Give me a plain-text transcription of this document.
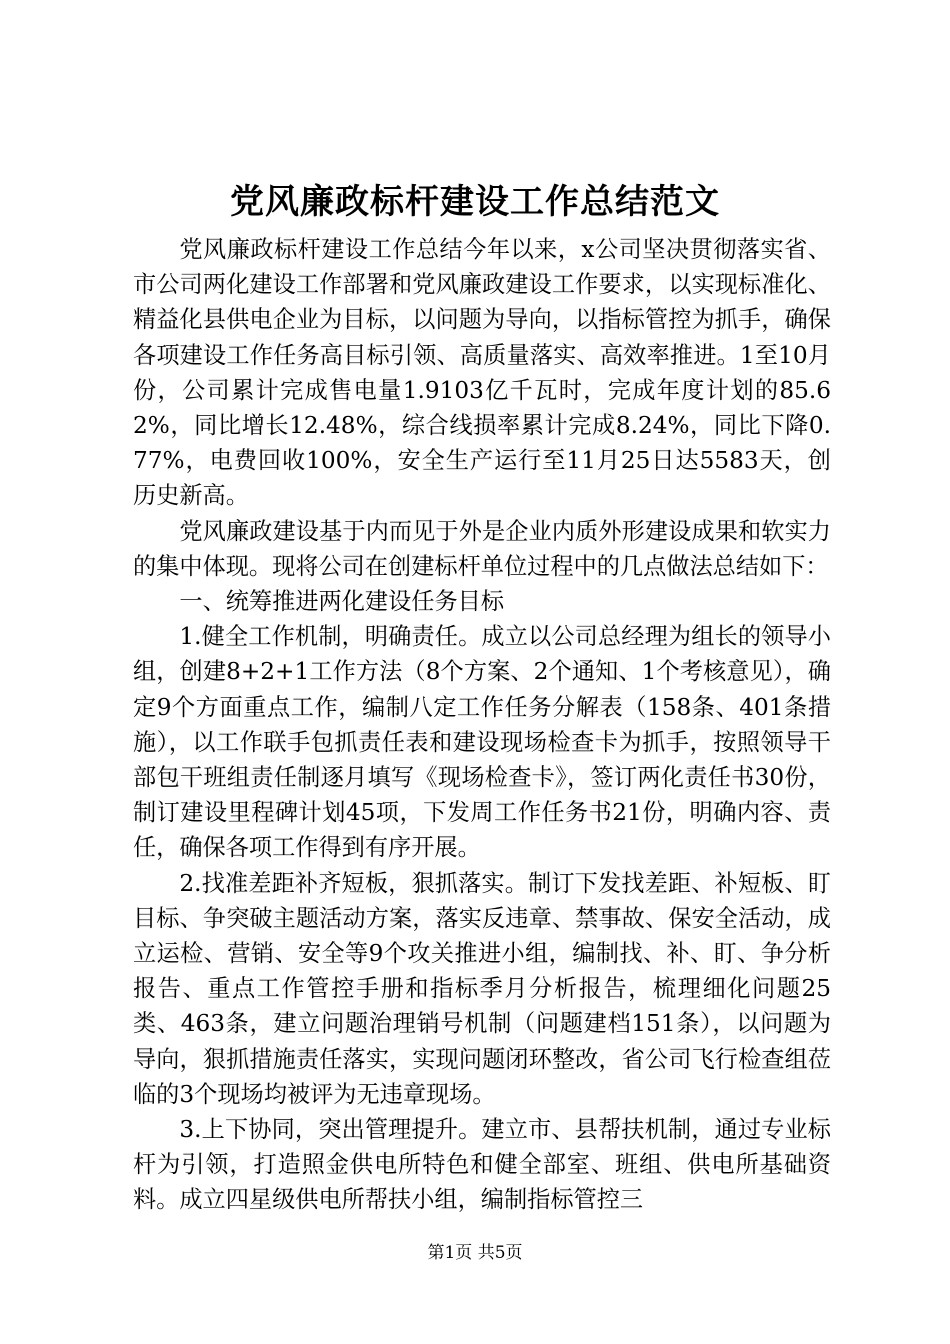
党风廉政标杆建设工作总结范文

党风廉政标杆建设工作总结今年以来，x公司坚决贯彻落实省、市公司两化建设工作部署和党风廉政建设工作要求，以实现标准化、精益化县供电企业为目标，以问题为导向，以指标管控为抓手，确保各项建设工作任务高目标引领、高质量落实、高效率推进。1至10月份，公司累计完成售电量1.9103亿千瓦时，完成年度计划的85.62%，同比增长12.48%，综合线损率累计完成8.24%，同比下降0.77%，电费回收100%，安全生产运行至11月25日达5583天，创历史新高。

党风廉政建设基于内而见于外是企业内质外形建设成果和软实力的集中体现。现将公司在创建标杆单位过程中的几点做法总结如下：

一、统筹推进两化建设任务目标

1.健全工作机制，明确责任。成立以公司总经理为组长的领导小组，创建8+2+1工作方法（8个方案、2个通知、1个考核意见），确定9个方面重点工作，编制八定工作任务分解表（158条、401条措施），以工作联手包抓责任表和建设现场检查卡为抓手，按照领导干部包干班组责任制逐月填写《现场检查卡》，签订两化责任书30份，制订建设里程碑计划45项，下发周工作任务书21份，明确内容、责任，确保各项工作得到有序开展。

2.找准差距补齐短板，狠抓落实。制订下发找差距、补短板、盯目标、争突破主题活动方案，落实反违章、禁事故、保安全活动，成立运检、营销、安全等9个攻关推进小组，编制找、补、盯、争分析报告、重点工作管控手册和指标季月分析报告，梳理细化问题25类、463条，建立问题治理销号机制（问题建档151条），以问题为导向，狠抓措施责任落实，实现问题闭环整改，省公司飞行检查组莅临的3个现场均被评为无违章现场。

3.上下协同，突出管理提升。建立市、县帮扶机制，通过专业标杆为引领，打造照金供电所特色和健全部室、班组、供电所基础资料。成立四星级供电所帮扶小组，编制指标管控三

第1页 共5页
